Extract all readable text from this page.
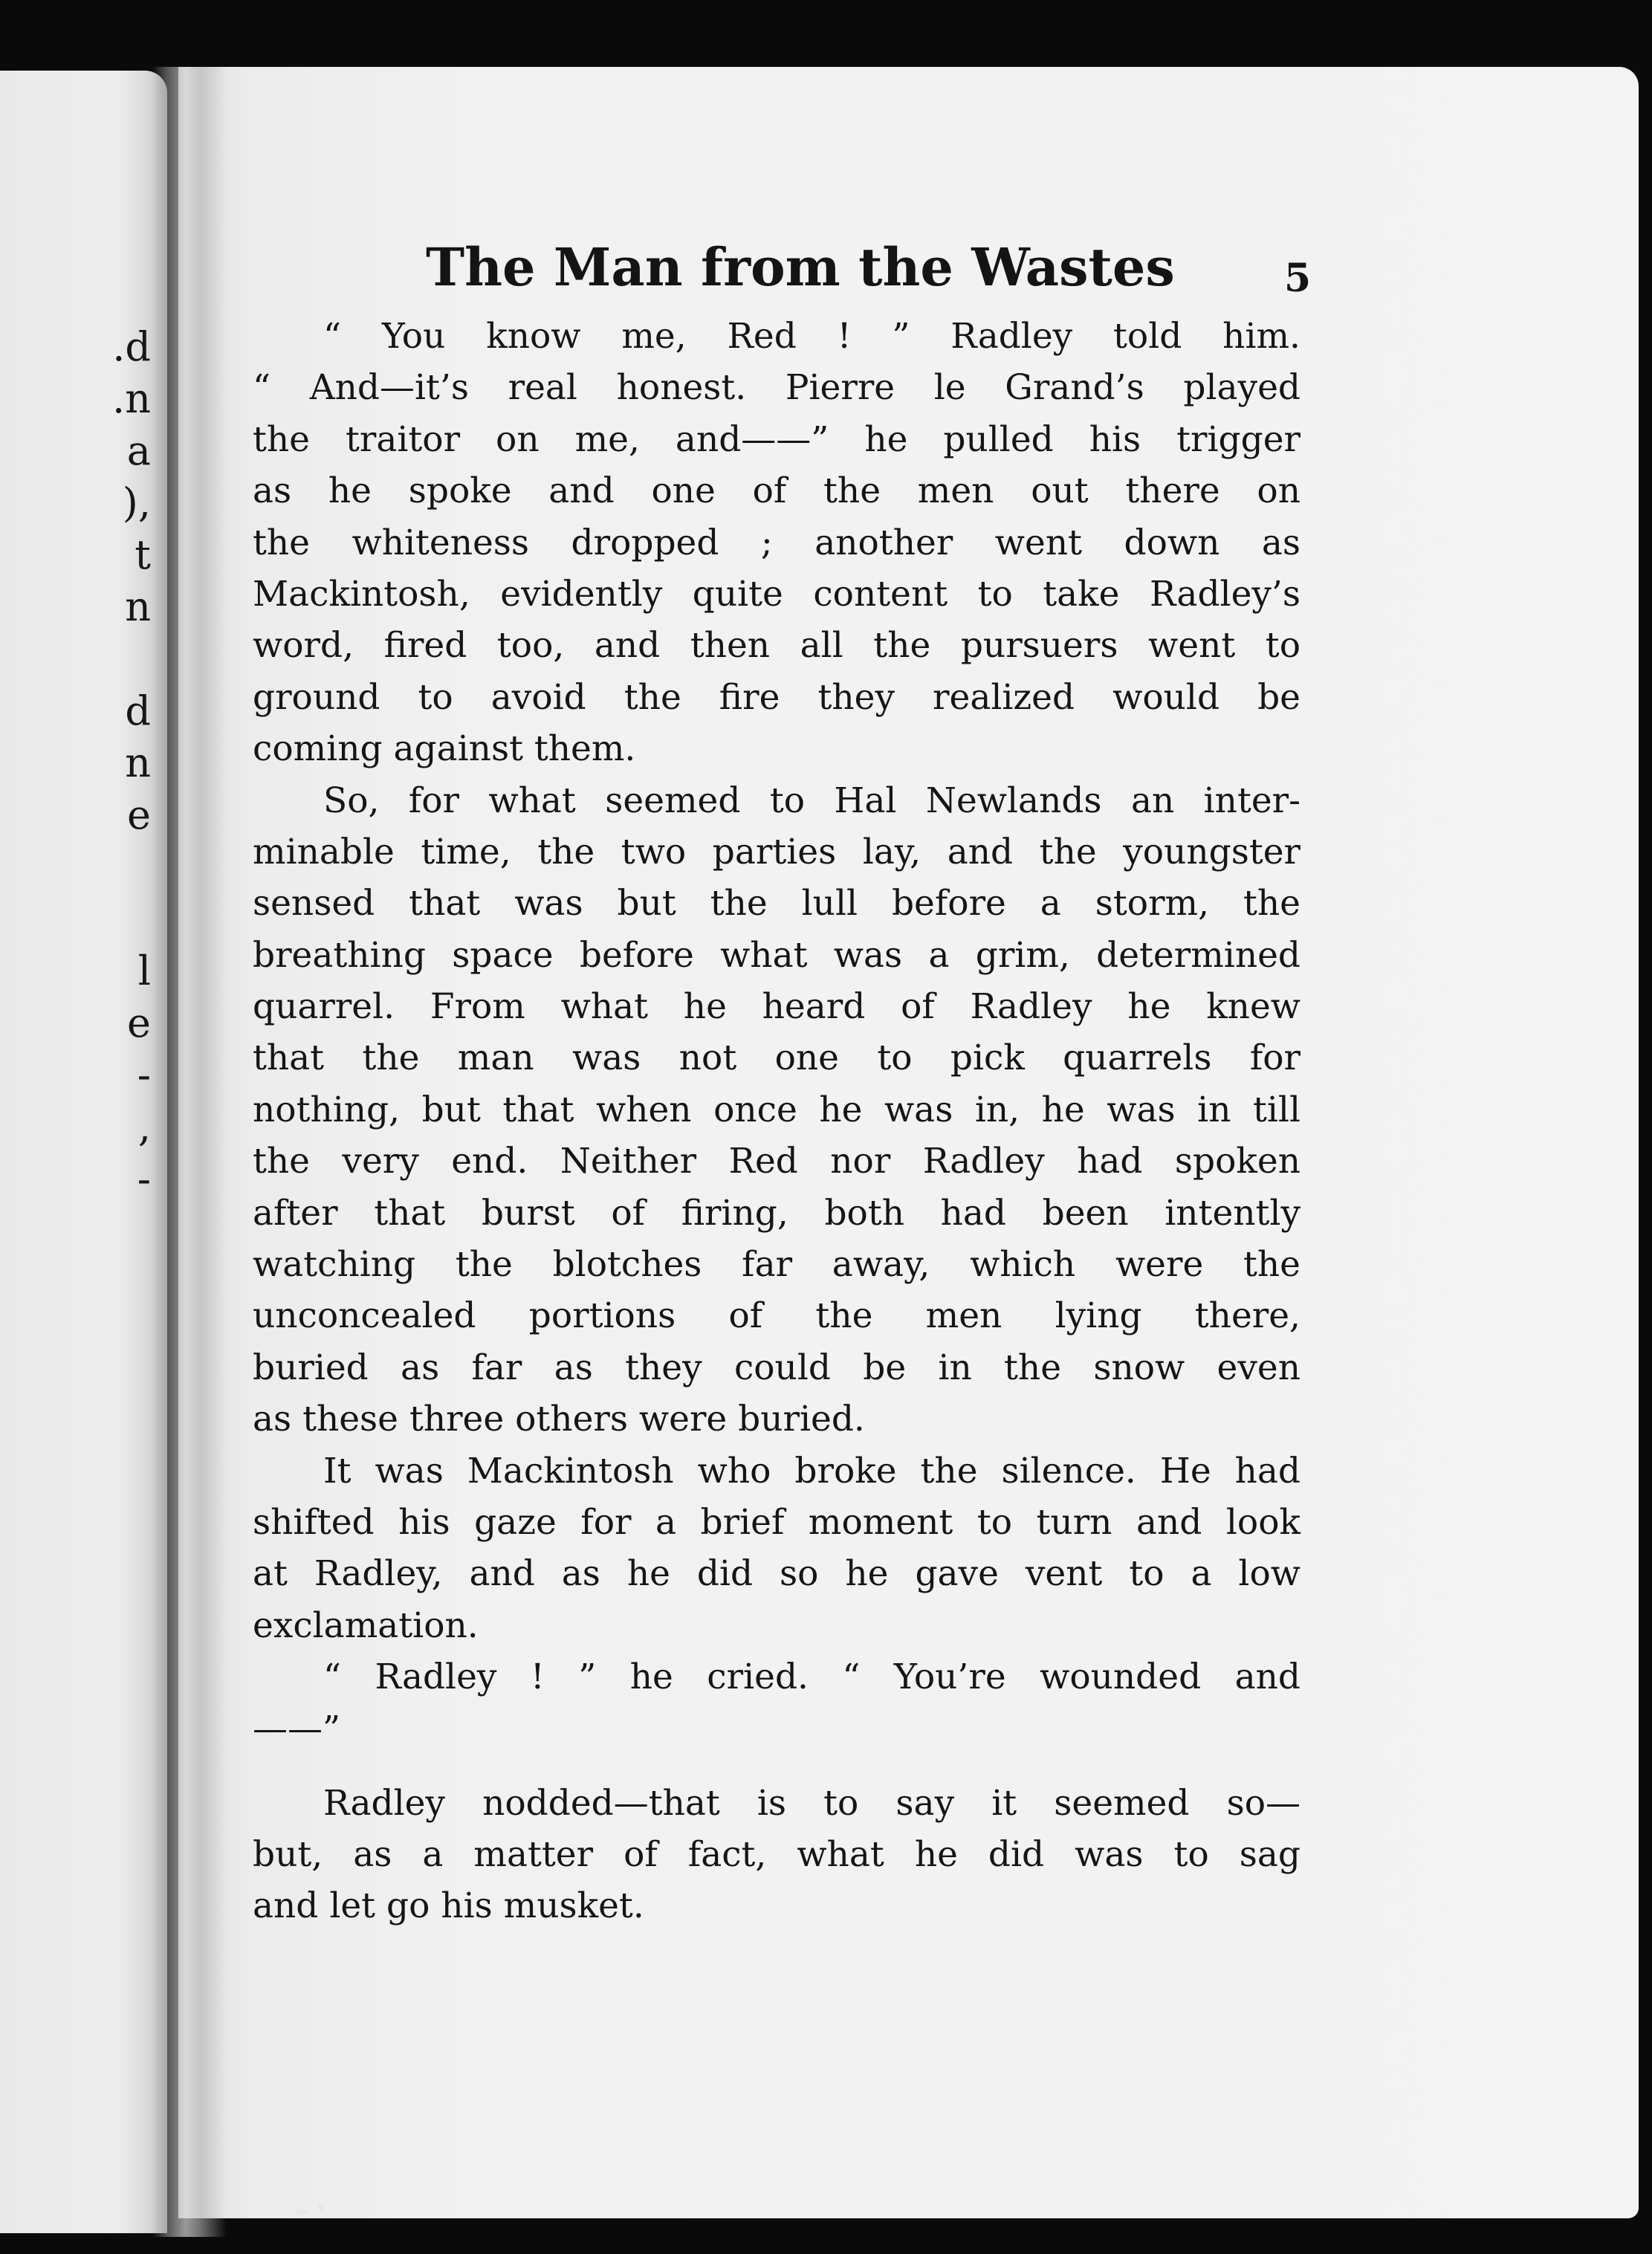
.d
.n
a
),
t
n
d
n
e
l
e
-
,
-
The Man from the Wastes	5
“ You know me, Red ! ” Radley told him.
“ And—it’s real honest. Pierre le Grand’s played
the traitor on me, and——” he pulled his trigger
as he spoke and one of the men out there on
the whiteness dropped ; another went down as
Mackintosh, evidently quite content to take Radley’s
word, fired too, and then all the pursuers went to
ground to avoid the fire they realized would be
coming against them.
So, for what seemed to Hal Newlands an inter-
minable time, the two parties lay, and the youngster
sensed that was but the lull before a storm, the
breathing space before what was a grim, determined
quarrel. From what he heard of Radley he knew
that the man was not one to pick quarrels for
nothing, but that when once he was in, he was in till
the very end. Neither Red nor Radley had spoken
after that burst of firing, both had been intently
watching the blotches far away, which were the
unconcealed portions of the men lying there,
buried as far as they could be in the snow even
as these three others were buried.
It was Mackintosh who broke the silence. He had
shifted his gaze for a brief moment to turn and look
at Radley, and as he did so he gave vent to a low
exclamation.
“ Radley ! ” he cried. “ You’re wounded and
——”
Radley nodded—that is to say it seemed so—
but, as a matter of fact, what he did was to sag
and let go his musket.
